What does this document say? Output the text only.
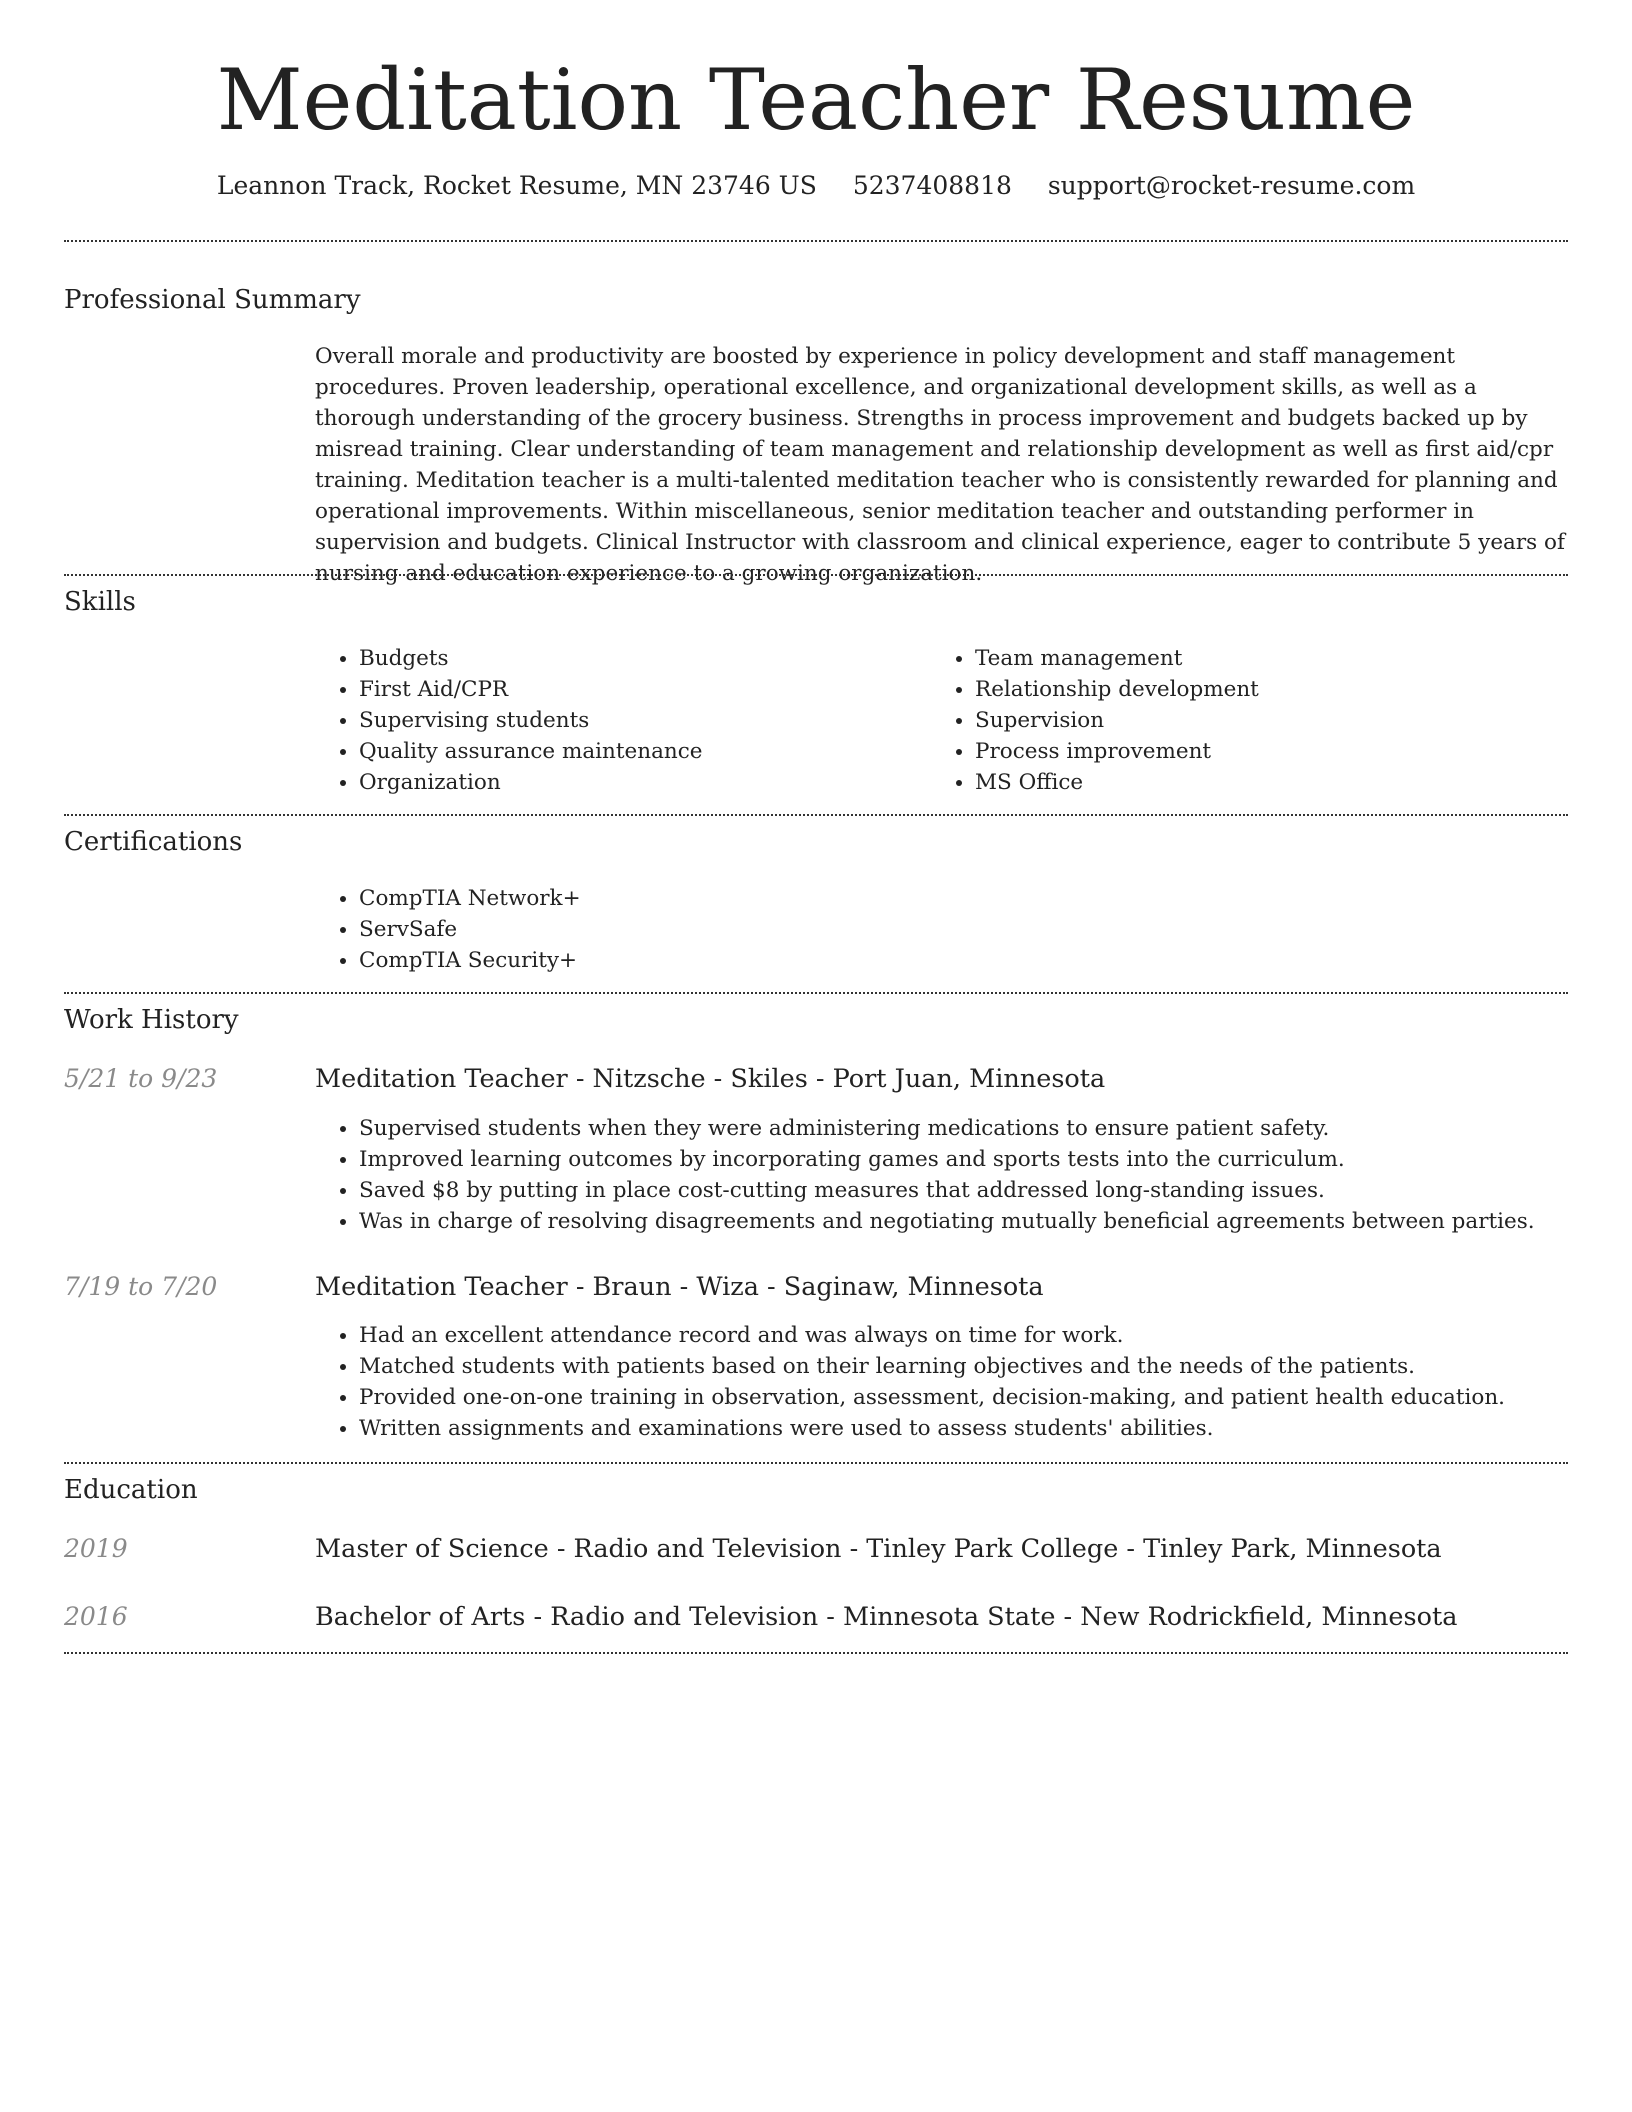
Meditation Teacher Resume
Leannon Track, Rocket Resume, MN 23746 US 5237408818 support@rocket-resume.com
Professional Summary

Overall morale and productivity are boosted by experience in policy development and staff management procedures. Proven leadership, operational excellence, and organizational development skills, as well as a thorough understanding of the grocery business. Strengths in process improvement and budgets backed up by misread training. Clear understanding of team management and relationship development as well as first aid/cpr training. Meditation teacher is a multi-talented meditation teacher who is consistently rewarded for planning and operational improvements. Within miscellaneous, senior meditation teacher and outstanding performer in supervision and budgets. Clinical Instructor with classroom and clinical experience, eager to contribute 5 years of nursing and education experience to a growing organization.

Skills
• Budgets
• First Aid/CPR
• Supervising students
• Quality assurance maintenance
• Organization
• Team management
• Relationship development
• Supervision
• Process improvement
• MS Office
Certifications
• CompTIA Network+
• ServSafe
• CompTIA Security+
Work History
5/21 to 9/23	Meditation Teacher - Nitzsche - Skiles - Port Juan, Minnesota
• Supervised students when they were administering medications to ensure patient safety.
• Improved learning outcomes by incorporating games and sports tests into the curriculum.
• Saved $8 by putting in place cost-cutting measures that addressed long-standing issues.
• Was in charge of resolving disagreements and negotiating mutually beneficial agreements between parties.
7/19 to 7/20	Meditation Teacher - Braun - Wiza - Saginaw, Minnesota
• Had an excellent attendance record and was always on time for work.
• Matched students with patients based on their learning objectives and the needs of the patients.
• Provided one-on-one training in observation, assessment, decision-making, and patient health education.
• Written assignments and examinations were used to assess students' abilities.
Education
2019	Master of Science - Radio and Television - Tinley Park College - Tinley Park, Minnesota
2016	Bachelor of Arts - Radio and Television - Minnesota State - New Rodrickfield, Minnesota
